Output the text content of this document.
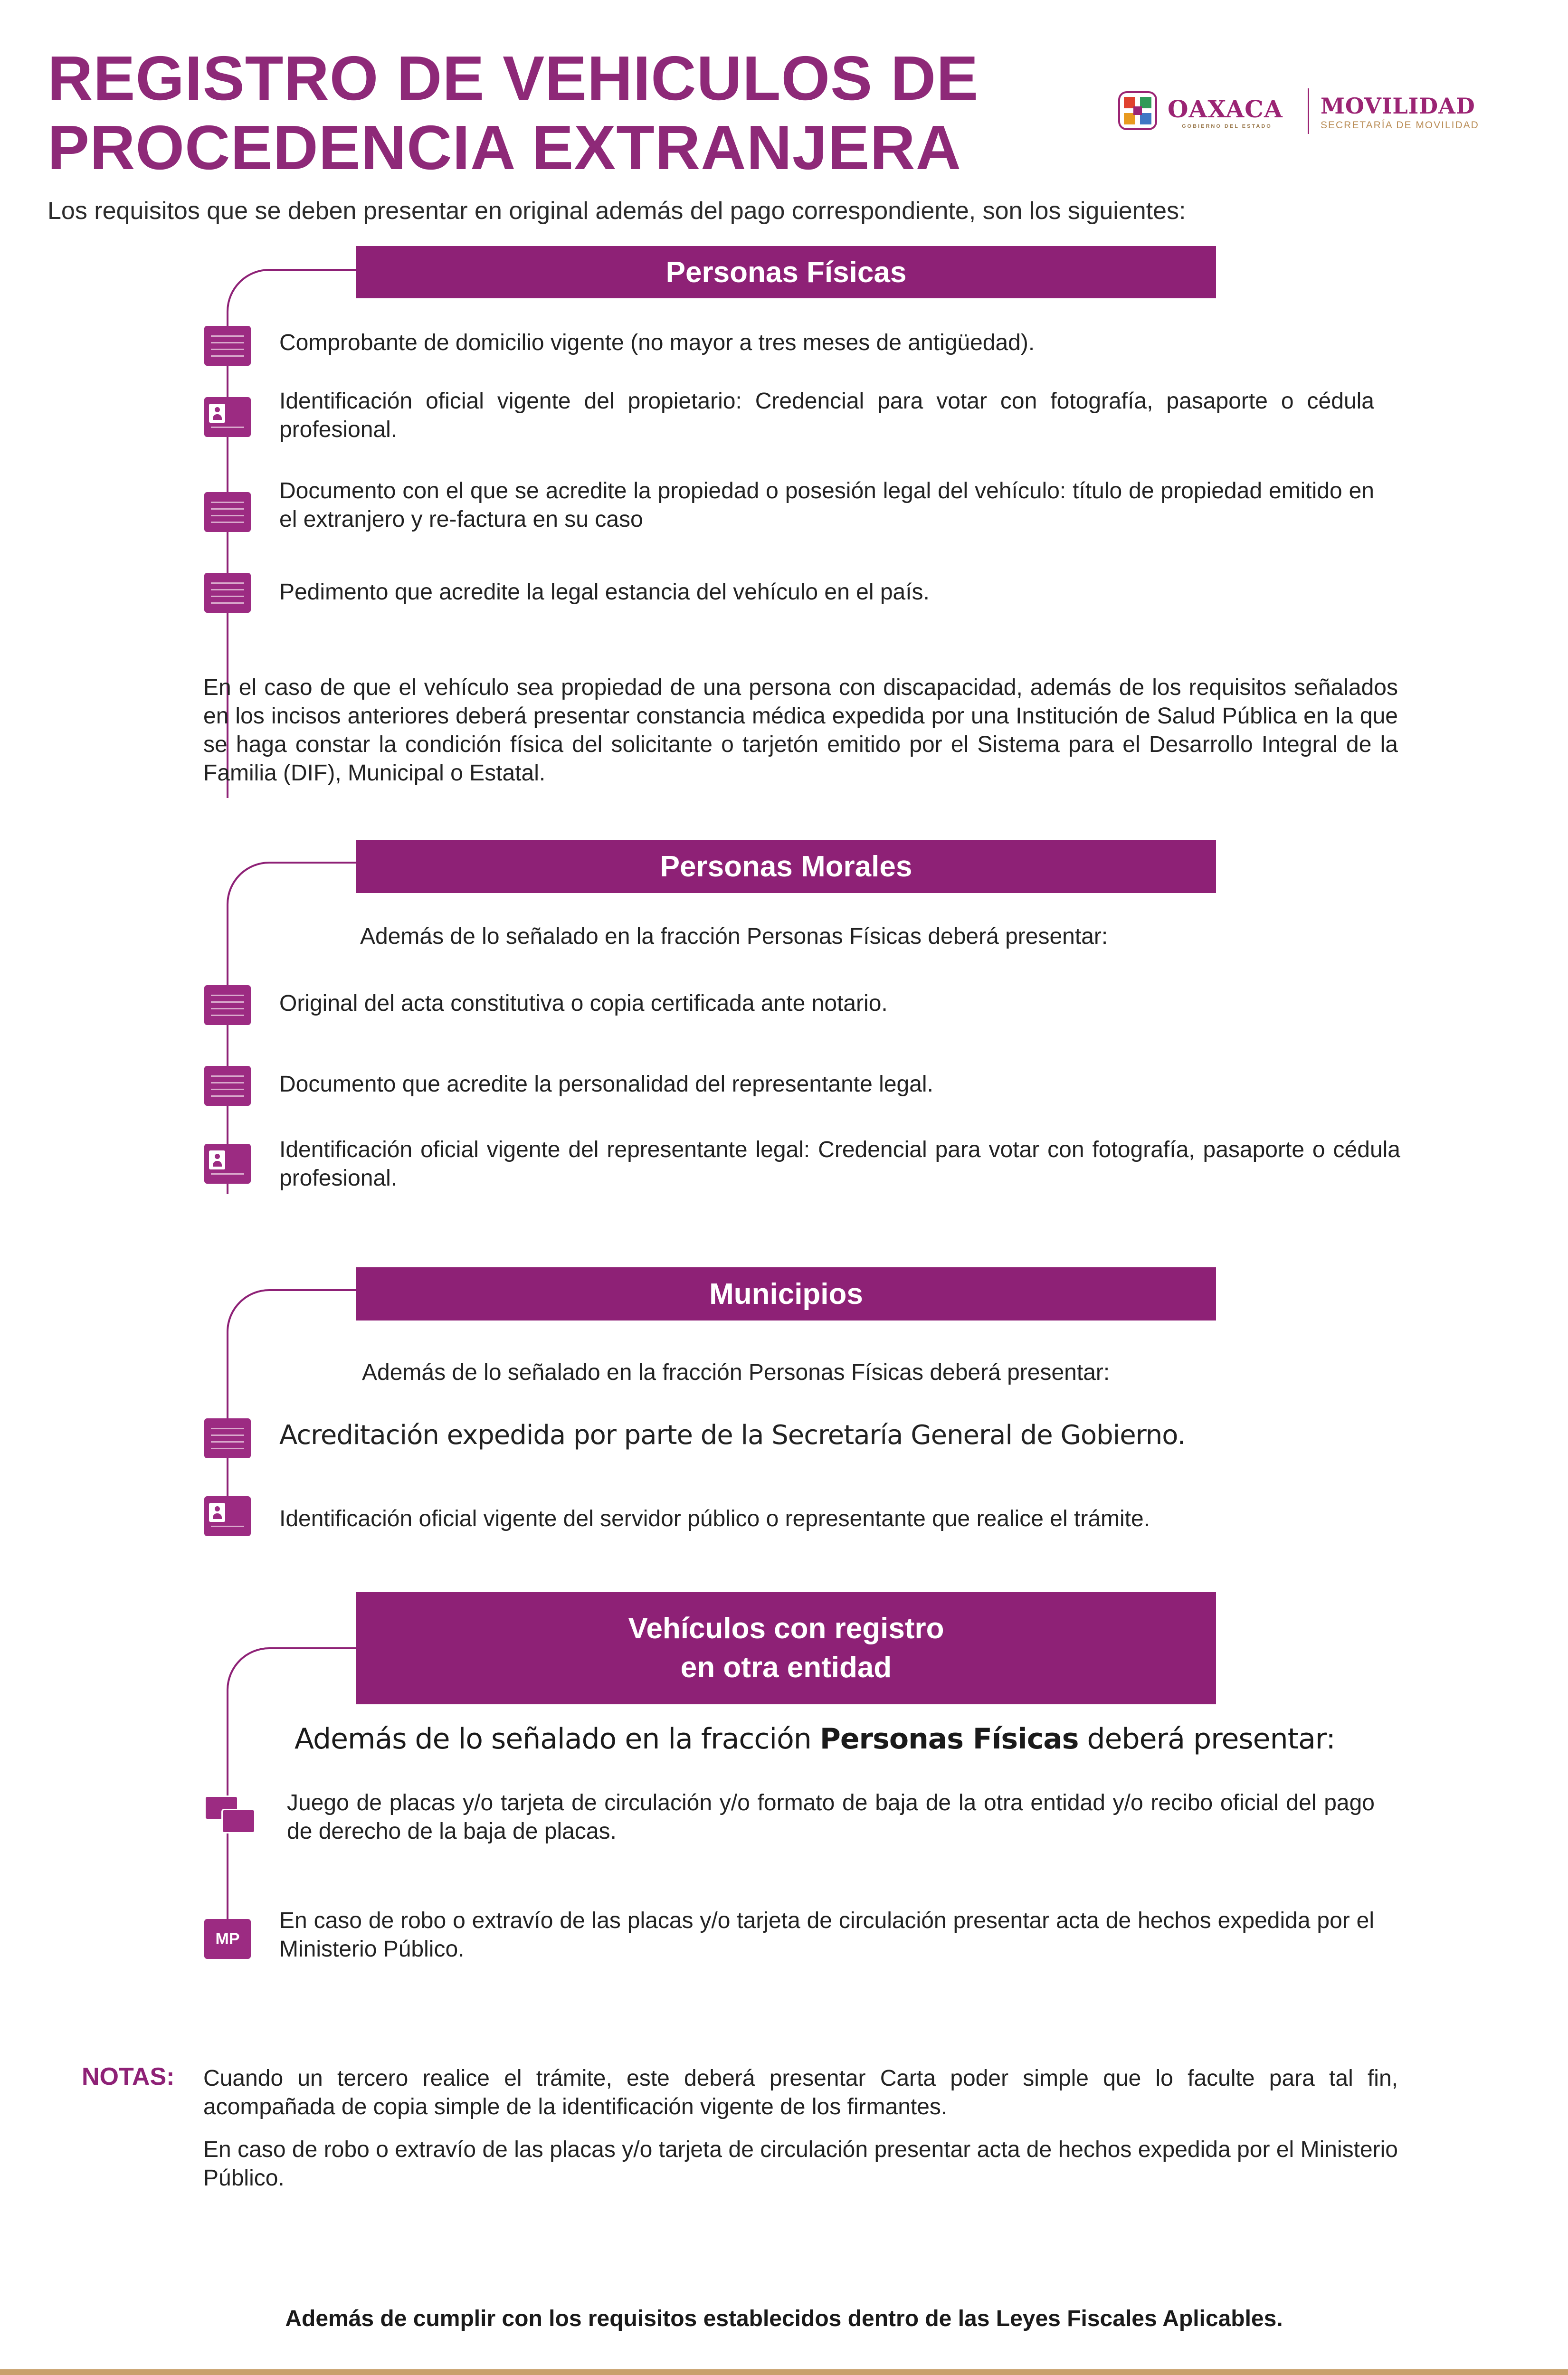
REGISTRO DE VEHICULOS DE
PROCEDENCIA EXTRANJERA
OAXACA
GOBIERNO DEL ESTADO
MOVILIDAD
SECRETARÍA DE MOVILIDAD
Los requisitos que se deben presentar en original además del pago correspondiente, son los siguientes:
Personas Físicas
Comprobante de domicilio vigente (no mayor a tres meses de antigüedad).
Identificación oficial vigente del propietario: Credencial para votar con fotografía, pasaporte o cédula profesional.
Documento con el que se acredite la propiedad o posesión legal del vehículo: título de propiedad emitido en el extranjero y re-factura en su caso
Pedimento que acredite la legal estancia del vehículo en el país.
En el caso de que el vehículo sea propiedad de una persona con discapacidad, además de los requisitos señalados en los incisos anteriores deberá presentar constancia médica expedida por una Institución de Salud Pública en la que se haga constar la condición física del solicitante o tarjetón emitido por el Sistema para el Desarrollo Integral de la Familia (DIF), Municipal o Estatal.
Personas Morales
Además de lo señalado en la fracción Personas Físicas deberá presentar:
Original del acta constitutiva o copia certificada ante notario.
Documento que acredite la personalidad del representante legal.
Identificación oficial vigente del representante legal: Credencial para votar con fotografía, pasaporte o cédula profesional.
Municipios
Además de lo señalado en la fracción Personas Físicas deberá presentar:
Acreditación expedida por parte de la Secretaría General de Gobierno.
Identificación oficial vigente del servidor público o representante que realice el trámite.
Vehículos con registro
en otra entidad
Además de lo señalado en la fracción Personas Físicas deberá presentar:
Juego de placas y/o tarjeta de circulación y/o formato de baja de la otra entidad y/o recibo oficial del pago de derecho de la baja de placas.
MP
En caso de robo o extravío de las placas y/o tarjeta de circulación presentar acta de hechos expedida por el Ministerio Público.
NOTAS: Cuando un tercero realice el trámite, este deberá presentar Carta poder simple que lo faculte para tal fin, acompañada de copia simple de la identificación vigente de los firmantes.
En caso de robo o extravío de las placas y/o tarjeta de circulación presentar acta de hechos expedida por el Ministerio Público.
Además de cumplir con los requisitos establecidos dentro de las Leyes Fiscales Aplicables.
